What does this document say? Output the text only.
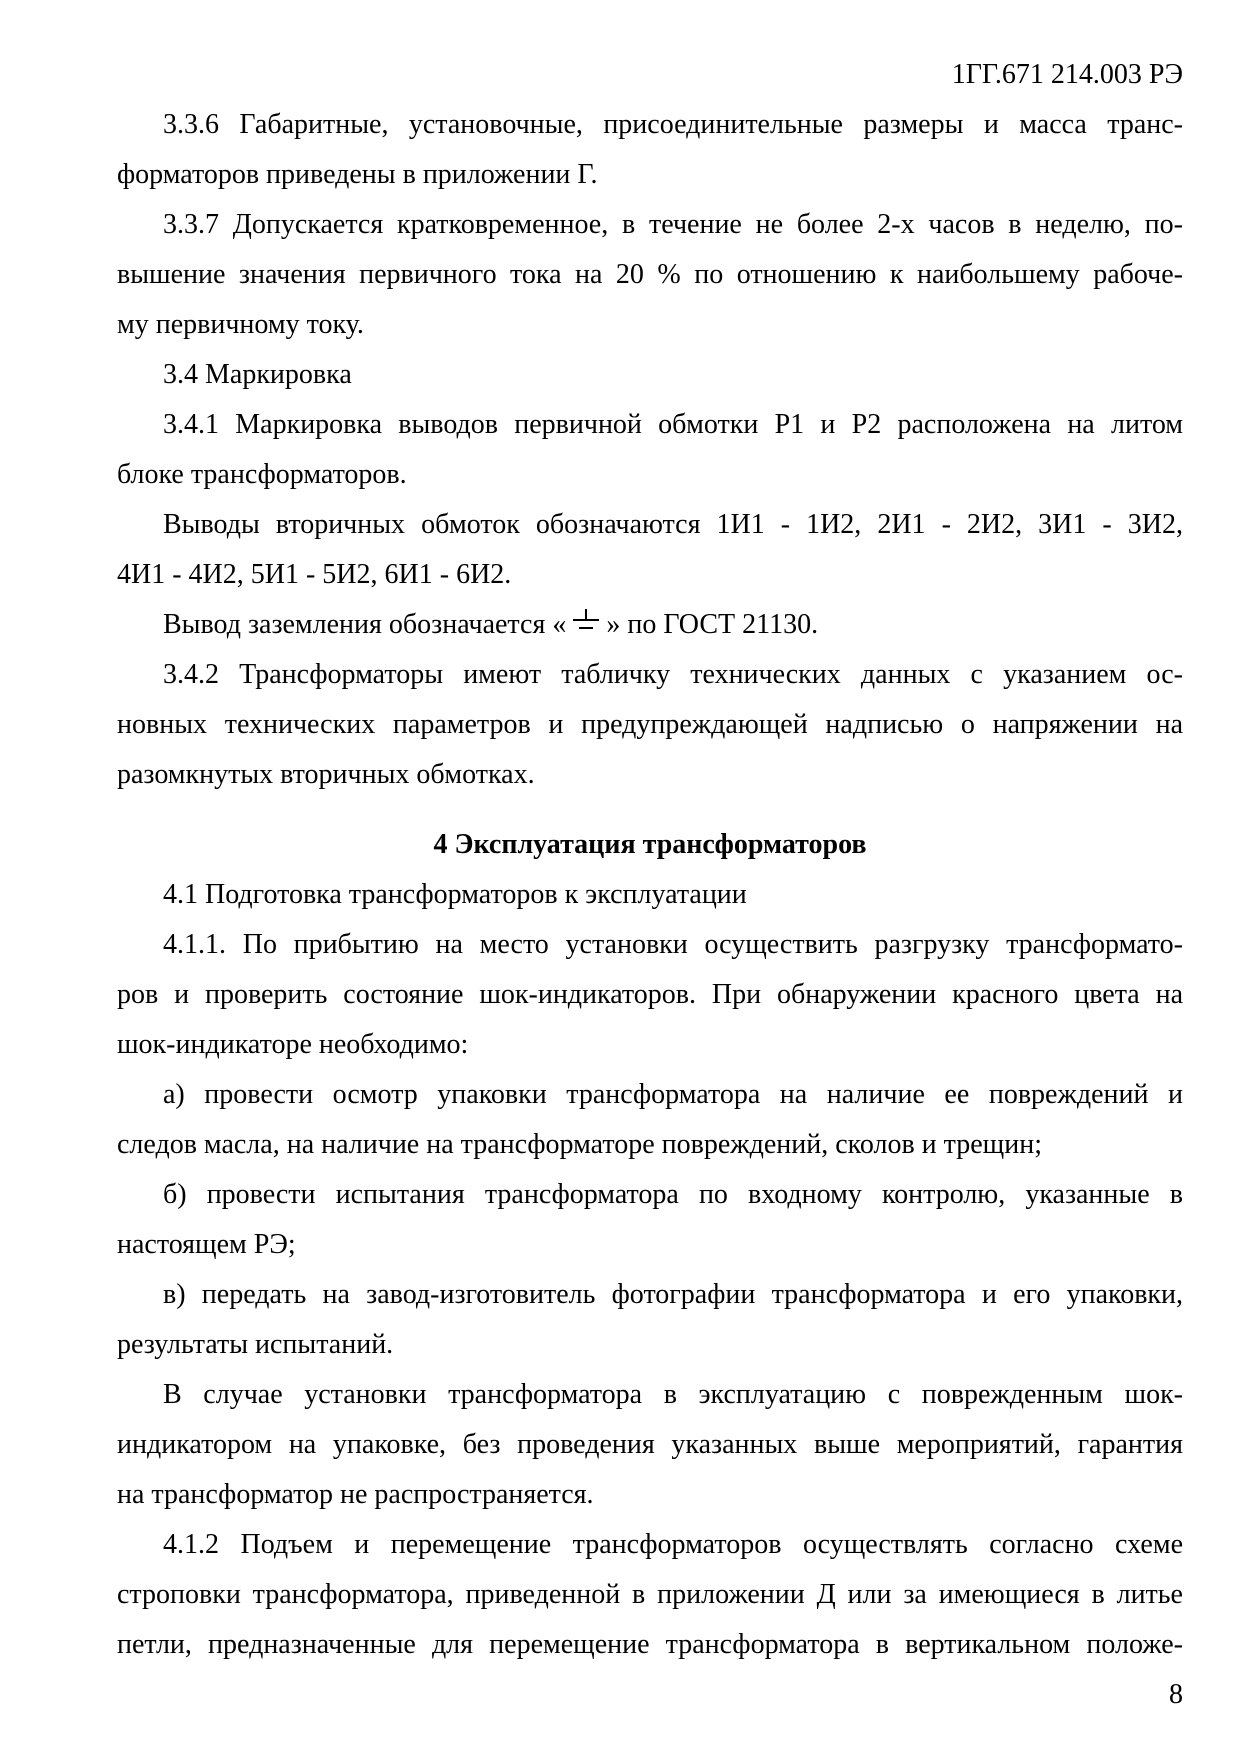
1ГГ.671 214.003 РЭ
3.3.6 Габаритные, установочные, присоединительные размеры и масса транс-
форматоров приведены в приложении Г.
3.3.7 Допускается кратковременное, в течение не более 2-х часов в неделю, по-
вышение значения первичного тока на 20 % по отношению к наибольшему рабоче-
му первичному току.
3.4 Маркировка
3.4.1 Маркировка выводов первичной обмотки Р1 и Р2 расположена на литом
блоке трансформаторов.
Выводы вторичных обмоток обозначаются 1И1 - 1И2, 2И1 - 2И2, 3И1 - 3И2,
4И1 - 4И2, 5И1 - 5И2, 6И1 - 6И2.
Вывод заземления обозначается « » по ГОСТ 21130.
3.4.2 Трансформаторы имеют табличку технических данных с указанием ос-
новных технических параметров и предупреждающей надписью о напряжении на
разомкнутых вторичных обмотках.
4 Эксплуатация трансформаторов
4.1 Подготовка трансформаторов к эксплуатации
4.1.1. По прибытию на место установки осуществить разгрузку трансформато-
ров и проверить состояние шок-индикаторов. При обнаружении красного цвета на
шок-индикаторе необходимо:
а) провести осмотр упаковки трансформатора на наличие ее повреждений и
следов масла, на наличие на трансформаторе повреждений, сколов и трещин;
б) провести испытания трансформатора по входному контролю, указанные в
настоящем РЭ;
в) передать на завод-изготовитель фотографии трансформатора и его упаковки,
результаты испытаний.
В случае установки трансформатора в эксплуатацию с поврежденным шок-
индикатором на упаковке, без проведения указанных выше мероприятий, гарантия
на трансформатор не распространяется.
4.1.2 Подъем и перемещение трансформаторов осуществлять согласно схеме
строповки трансформатора, приведенной в приложении Д или за имеющиеся в литье
петли, предназначенные для перемещение трансформатора в вертикальном положе-
8
